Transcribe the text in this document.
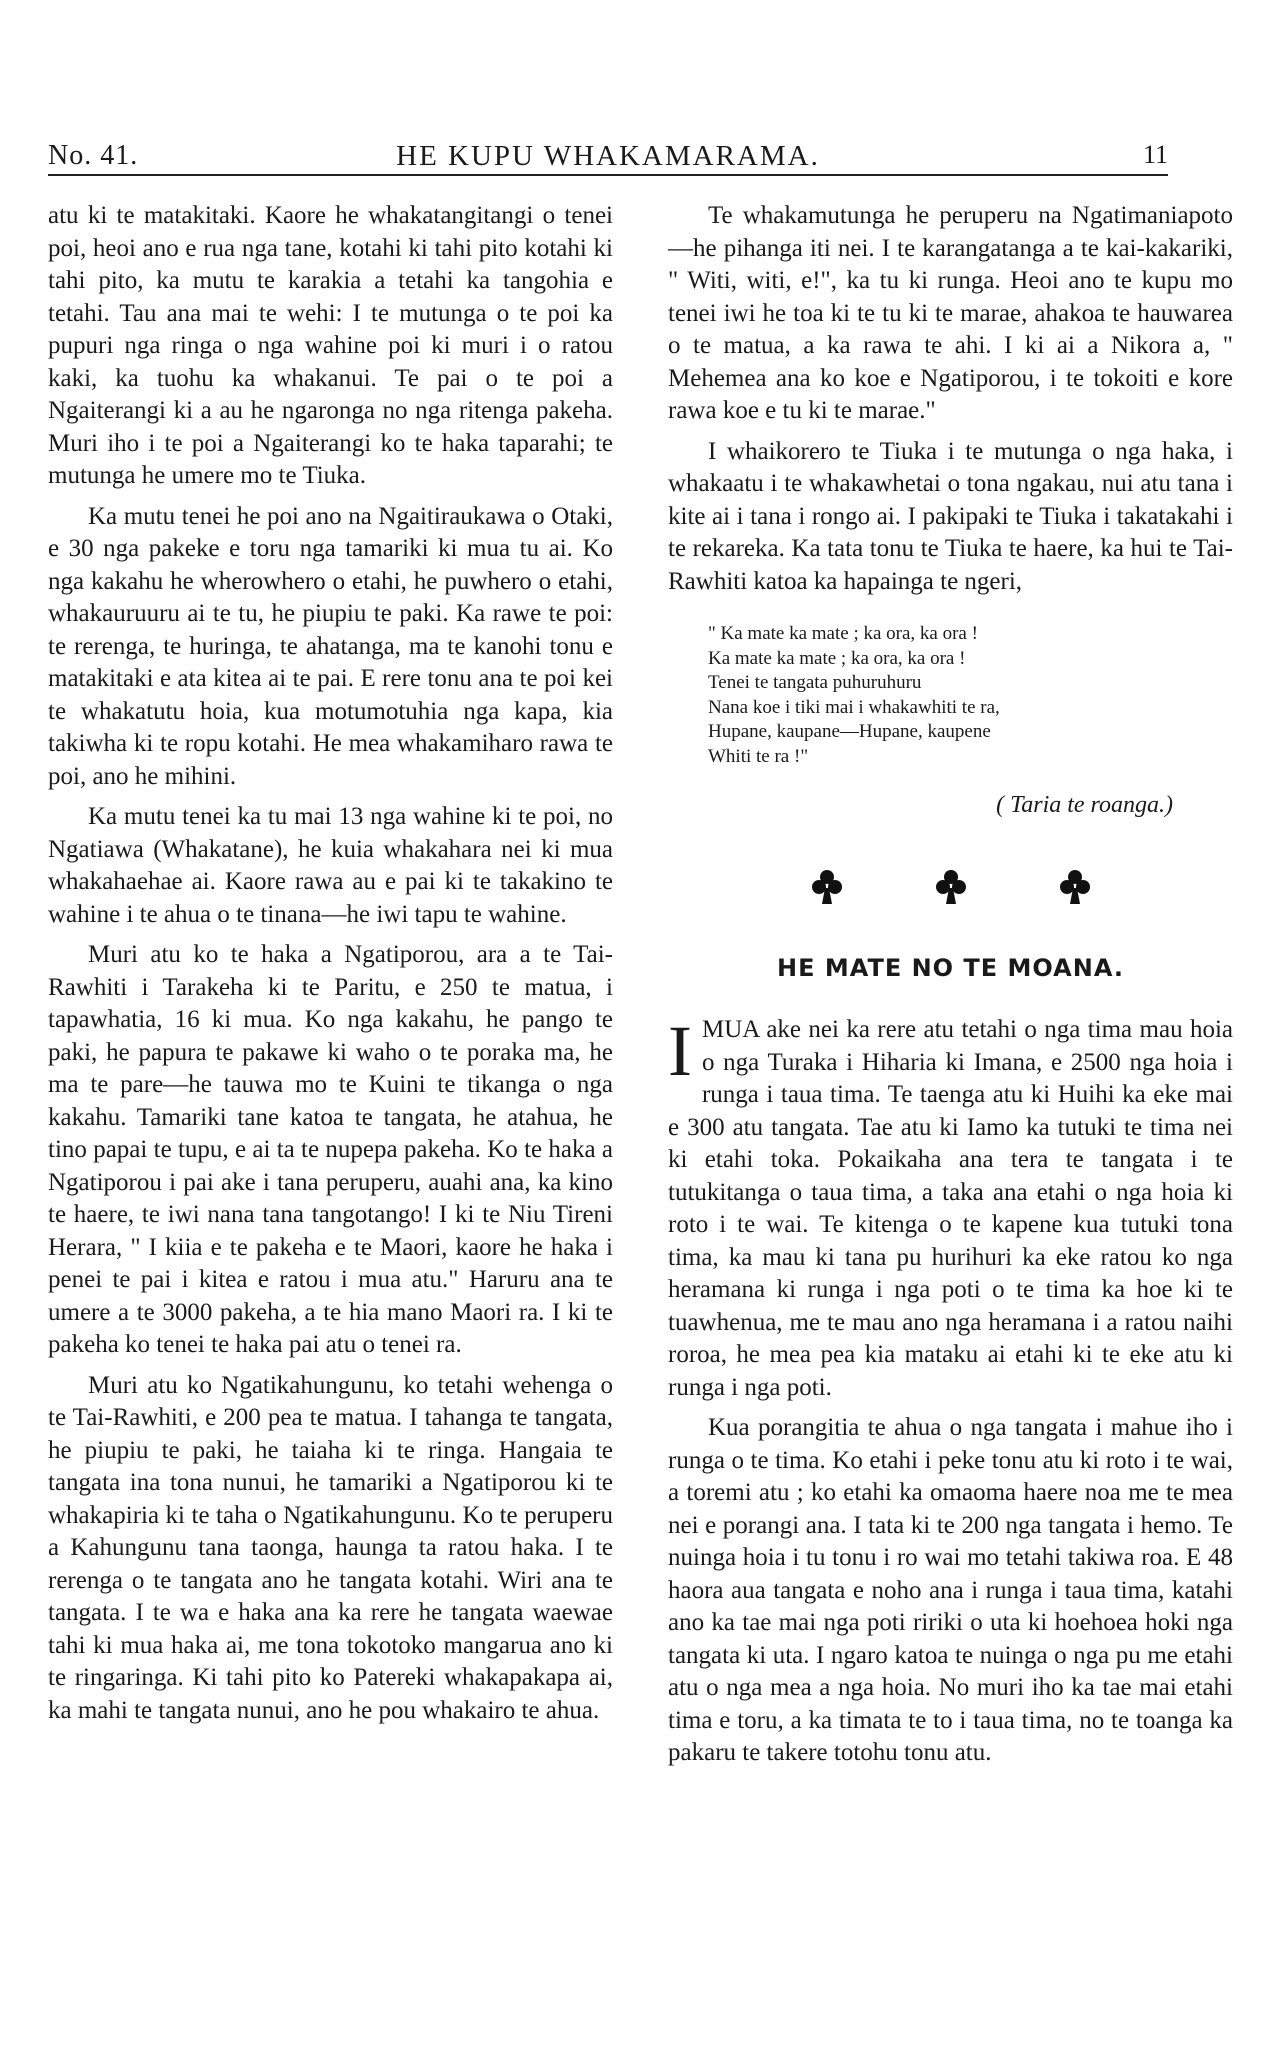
No. 41.	HE KUPU WHAKAMARAMA.	11

atu ki te matakitaki. Kaore he whakatangitangi o tenei poi, heoi ano e rua nga tane, kotahi ki tahi pito kotahi ki tahi pito, ka mutu te karakia a tetahi ka tangohia e tetahi. Tau ana mai te wehi: I te mutunga o te poi ka pupuri nga ringa o nga wahine poi ki muri i o ratou kaki, ka tuohu ka whakanui. Te pai o te poi a Ngaiterangi ki a au he ngaronga no nga ritenga pakeha. Muri iho i te poi a Ngaiterangi ko te haka taparahi; te mutunga he umere mo te Tiuka.

Ka mutu tenei he poi ano na Ngaitiraukawa o Otaki, e 30 nga pakeke e toru nga tamariki ki mua tu ai. Ko nga kakahu he wherowhero o etahi, he puwhero o etahi, whakauruuru ai te tu, he piupiu te paki. Ka rawe te poi: te rerenga, te huringa, te ahatanga, ma te kanohi tonu e matakitaki e ata kitea ai te pai. E rere tonu ana te poi kei te whakatutu hoia, kua motumotuhia nga kapa, kia takiwha ki te ropu kotahi. He mea whakamiharo rawa te poi, ano he mihini.

Ka mutu tenei ka tu mai 13 nga wahine ki te poi, no Ngatiawa (Whakatane), he kuia whakahara nei ki mua whakahaehae ai. Kaore rawa au e pai ki te takakino te wahine i te ahua o te tinana—he iwi tapu te wahine.

Muri atu ko te haka a Ngatiporou, ara a te Tai-Rawhiti i Tarakeha ki te Paritu, e 250 te matua, i tapawhatia, 16 ki mua. Ko nga kakahu, he pango te paki, he papura te pakawe ki waho o te poraka ma, he ma te pare—he tauwa mo te Kuini te tikanga o nga kakahu. Tamariki tane katoa te tangata, he atahua, he tino papai te tupu, e ai ta te nupepa pakeha. Ko te haka a Ngatiporou i pai ake i tana peruperu, auahi ana, ka kino te haere, te iwi nana tana tangotango! I ki te Niu Tireni Herara, " I kiia e te pakeha e te Maori, kaore he haka i penei te pai i kitea e ratou i mua atu." Haruru ana te umere a te 3000 pakeha, a te hia mano Maori ra. I ki te pakeha ko tenei te haka pai atu o tenei ra.

Muri atu ko Ngatikahungunu, ko tetahi wehenga o te Tai-Rawhiti, e 200 pea te matua. I tahanga te tangata, he piupiu te paki, he taiaha ki te ringa. Hangaia te tangata ina tona nunui, he tamariki a Ngatiporou ki te whakapiria ki te taha o Ngatikahungunu. Ko te peruperu a Kahungunu tana taonga, haunga ta ratou haka. I te rerenga o te tangata ano he tangata kotahi. Wiri ana te tangata. I te wa e haka ana ka rere he tangata waewae tahi ki mua haka ai, me tona tokotoko mangarua ano ki te ringaringa. Ki tahi pito ko Patereki whakapakapa ai, ka mahi te tangata nunui, ano he pou whakairo te ahua.

Te whakamutunga he peruperu na Ngatimaniapoto—he pihanga iti nei. I te karangatanga a te kai-kakariki, " Witi, witi, e!", ka tu ki runga. Heoi ano te kupu mo tenei iwi he toa ki te tu ki te marae, ahakoa te hauwarea o te matua, a ka rawa te ahi. I ki ai a Nikora a, " Mehemea ana ko koe e Ngatiporou, i te tokoiti e kore rawa koe e tu ki te marae."

I whaikorero te Tiuka i te mutunga o nga haka, i whakaatu i te whakawhetai o tona ngakau, nui atu tana i kite ai i tana i rongo ai. I pakipaki te Tiuka i takatakahi i te rekareka. Ka tata tonu te Tiuka te haere, ka hui te Tai-Rawhiti katoa ka hapainga te ngeri,

" Ka mate ka mate ; ka ora, ka ora !
Ka mate ka mate ; ka ora, ka ora !
Tenei te tangata puhuruhuru
Nana koe i tiki mai i whakawhiti te ra,
Hupane, kaupane—Hupane, kaupene
Whiti te ra !"
( Taria te roanga.)
HE MATE NO TE MOANA.

IMUA ake nei ka rere atu tetahi o nga tima mau hoia o nga Turaka i Hiharia ki Imana, e 2500 nga hoia i runga i taua tima. Te taenga atu ki Huihi ka eke mai e 300 atu tangata. Tae atu ki Iamo ka tutuki te tima nei ki etahi toka. Pokaikaha ana tera te tangata i te tutukitanga o taua tima, a taka ana etahi o nga hoia ki roto i te wai. Te kitenga o te kapene kua tutuki tona tima, ka mau ki tana pu hurihuri ka eke ratou ko nga heramana ki runga i nga poti o te tima ka hoe ki te tuawhenua, me te mau ano nga heramana i a ratou naihi roroa, he mea pea kia mataku ai etahi ki te eke atu ki runga i nga poti.

Kua porangitia te ahua o nga tangata i mahue iho i runga o te tima. Ko etahi i peke tonu atu ki roto i te wai, a toremi atu ; ko etahi ka omaoma haere noa me te mea nei e porangi ana. I tata ki te 200 nga tangata i hemo. Te nuinga hoia i tu tonu i ro wai mo tetahi takiwa roa. E 48 haora aua tangata e noho ana i runga i taua tima, katahi ano ka tae mai nga poti ririki o uta ki hoehoea hoki nga tangata ki uta. I ngaro katoa te nuinga o nga pu me etahi atu o nga mea a nga hoia. No muri iho ka tae mai etahi tima e toru, a ka timata te to i taua tima, no te toanga ka pakaru te takere totohu tonu atu.
